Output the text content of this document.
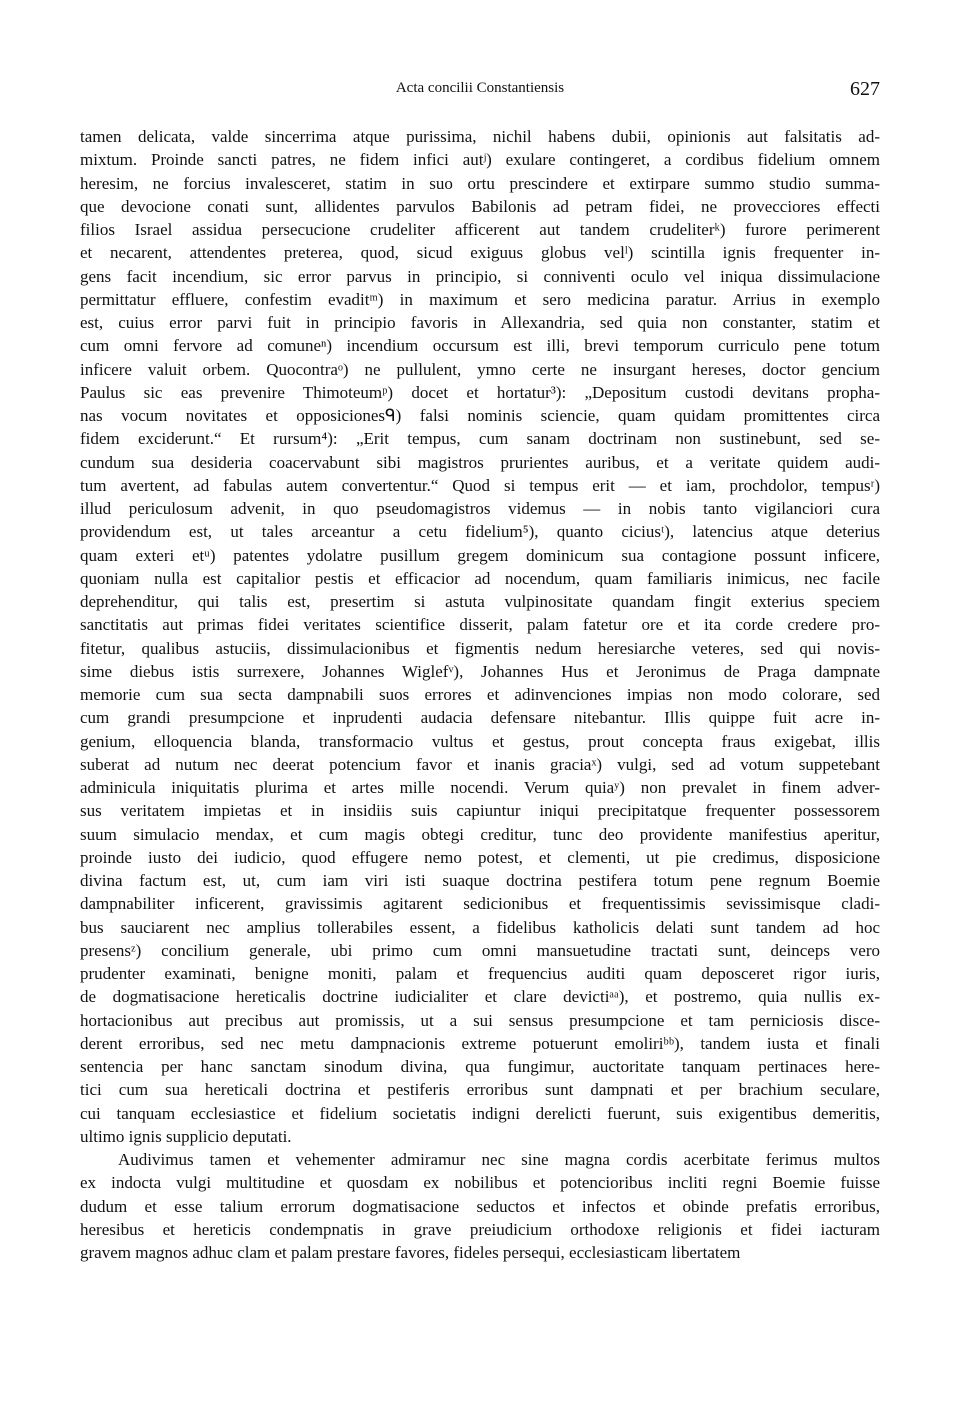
Acta concilii Constantiensis	627
tamen delicata, valde sincerrima atque purissima, nichil habens dubii, opinionis aut falsitatis ad-
mixtum. Proinde sancti patres, ne fidem infici autʲ) exulare contingeret, a cordibus fidelium omnem
heresim, ne forcius invalesceret, statim in suo ortu prescindere et extirpare summo studio summa-
que devocione conati sunt, allidentes parvulos Babilonis ad petram fidei, ne provecciores effecti
filios Israel assidua persecucione crudeliter afficerent aut tandem crudeliterᵏ) furore perimerent
et necarent, attendentes preterea, quod, sicud exiguus globus velˡ) scintilla ignis frequenter in-
gens facit incendium, sic error parvus in principio, si conniventi oculo vel iniqua dissimulacione
permittatur effluere, confestim evaditᵐ) in maximum et sero medicina paratur. Arrius in exemplo
est, cuius error parvi fuit in principio favoris in Allexandria, sed quia non constanter, statim et
cum omni fervore ad comuneⁿ) incendium occursum est illi, brevi temporum curriculo pene totum
inficere valuit orbem. Quocontraᵒ) ne pullulent, ymno certe ne insurgant hereses, doctor gencium
Paulus sic eas prevenire Thimoteumᵖ) docet et hortatur³): „Depositum custodi devitans propha-
nas vocum novitates et opposicionesᑫ) falsi nominis sciencie, quam quidam promittentes circa
fidem exciderunt.“ Et rursum⁴): „Erit tempus, cum sanam doctrinam non sustinebunt, sed se-
cundum sua desideria coacervabunt sibi magistros prurientes auribus, et a veritate quidem audi-
tum avertent, ad fabulas autem convertentur.“ Quod si tempus erit — et iam, prochdolor, tempusʳ)
illud periculosum advenit, in quo pseudomagistros videmus — in nobis tanto vigilanciori cura
providendum est, ut tales arceantur a cetu fidelium⁵), quanto ciciusᵗ), latencius atque deterius
quam exteri etᵘ) patentes ydolatre pusillum gregem dominicum sua contagione possunt inficere,
quoniam nulla est capitalior pestis et efficacior ad nocendum, quam familiaris inimicus, nec facile
deprehenditur, qui talis est, presertim si astuta vulpinositate quandam fingit exterius speciem
sanctitatis aut primas fidei veritates scientifice disserit, palam fatetur ore et ita corde credere pro-
fitetur, qualibus astuciis, dissimulacionibus et figmentis nedum heresiarche veteres, sed qui novis-
sime diebus istis surrexere, Johannes Wiglefᵛ), Johannes Hus et Jeronimus de Praga dampnate
memorie cum sua secta dampnabili suos errores et adinvenciones impias non modo colorare, sed
cum grandi presumpcione et inprudenti audacia defensare nitebantur. Illis quippe fuit acre in-
genium, elloquencia blanda, transformacio vultus et gestus, prout concepta fraus exigebat, illis
suberat ad nutum nec deerat potencium favor et inanis graciaˣ) vulgi, sed ad votum suppetebant
adminicula iniquitatis plurima et artes mille nocendi. Verum quiaʸ) non prevalet in finem adver-
sus veritatem impietas et in insidiis suis capiuntur iniqui precipitatque frequenter possessorem
suum simulacio mendax, et cum magis obtegi creditur, tunc deo providente manifestius aperitur,
proinde iusto dei iudicio, quod effugere nemo potest, et clementi, ut pie credimus, disposicione
divina factum est, ut, cum iam viri isti suaque doctrina pestifera totum pene regnum Boemie
dampnabiliter inficerent, gravissimis agitarent sedicionibus et frequentissimis sevissimisque cladi-
bus sauciarent nec amplius tollerabiles essent, a fidelibus katholicis delati sunt tandem ad hoc
presensᶻ) concilium generale, ubi primo cum omni mansuetudine tractati sunt, deinceps vero
prudenter examinati, benigne moniti, palam et frequencius auditi quam deposceret rigor iuris,
de dogmatisacione hereticalis doctrine iudicialiter et clare devictiᵃᵃ), et postremo, quia nullis ex-
hortacionibus aut precibus aut promissis, ut a sui sensus presumpcione et tam perniciosis disce-
derent erroribus, sed nec metu dampnacionis extreme potuerunt emoliriᵇᵇ), tandem iusta et finali
sentencia per hanc sanctam sinodum divina, qua fungimur, auctoritate tanquam pertinaces here-
tici cum sua hereticali doctrina et pestiferis erroribus sunt dampnati et per brachium seculare,
cui tanquam ecclesiastice et fidelium societatis indigni derelicti fuerunt, suis exigentibus demeritis,
ultimo ignis supplicio deputati.
Audivimus tamen et vehementer admiramur nec sine magna cordis acerbitate ferimus multos
ex indocta vulgi multitudine et quosdam ex nobilibus et potencioribus incliti regni Boemie fuisse
dudum et esse talium errorum dogmatisacione seductos et infectos et obinde prefatis erroribus,
heresibus et hereticis condempnatis in grave preiudicium orthodoxe religionis et fidei iacturam
gravem magnos adhuc clam et palam prestare favores, fideles persequi, ecclesiasticam libertatem
